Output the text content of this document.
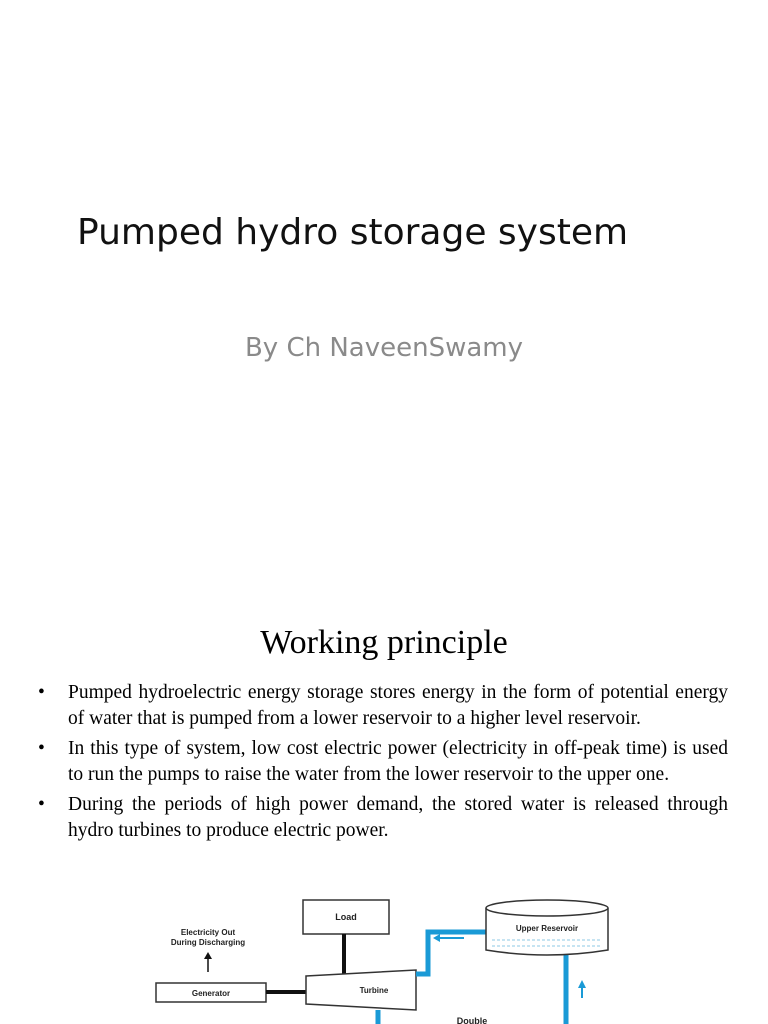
Pumped hydro storage system
By Ch NaveenSwamy
Working principle
• Pumped hydroelectric energy storage stores energy in the form of potential energy of water that is pumped from a lower reservoir to a higher level reservoir.
• In this type of system, low cost electric power (electricity in off-peak time) is used to run the pumps to raise the water from the lower reservoir to the upper one.
• During the periods of high power demand, the stored water is released through hydro turbines to produce electric power.
Load
Electricity Out
During Discharging
Generator	Turbine
Upper Reservoir
Double
